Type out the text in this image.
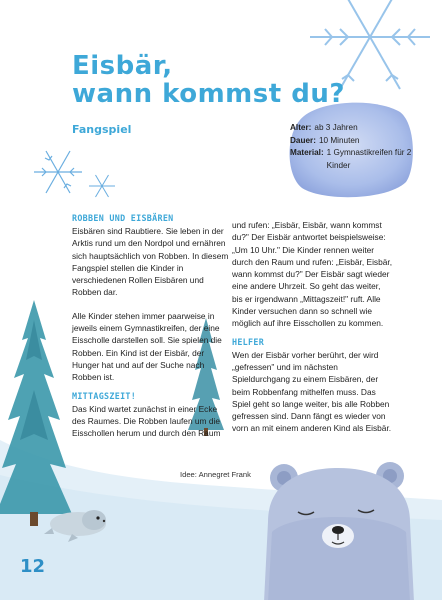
Eisbär,
wann kommst du?
Fangspiel	Alter: ab 3 Jahren
Dauer: 10 Minuten
Material: 1 Gymnastikreifen für 2 Kinder
ROBBEN UND EISBÄREN

Eisbären sind Raubtiere. Sie leben in der Arktis rund um den Nordpol und ernähren sich hauptsächlich von Robben. In diesem Fangspiel stellen die Kinder in verschiedenen Rollen Eisbären und Robben dar.

Alle Kinder stehen immer paarweise in jeweils einem Gymnastikreifen, der eine Eisscholle darstellen soll. Sie spielen die Robben. Ein Kind ist der Eisbär, der Hunger hat und auf der Suche nach Robben ist.

MITTAGSZEIT!

Das Kind wartet zunächst in einer Ecke des Raumes. Die Robben laufen um die Eisschollen herum und durch den Raum

und rufen: „Eisbär, Eisbär, wann kommst du?" Der Eisbär antwortet beispielsweise: „Um 10 Uhr." Die Kinder rennen weiter durch den Raum und rufen: „Eisbär, Eisbär, wann kommst du?" Der Eisbär sagt wieder eine andere Uhrzeit. So geht das weiter, bis er irgendwann „Mittagszeit!" ruft. Alle Kinder versuchen dann so schnell wie möglich auf ihre Eisschollen zu kommen.

HELFER

Wen der Eisbär vorher berührt, der wird „gefressen" und im nächsten Spieldurchgang zu einem Eisbären, der beim Robbenfang mithelfen muss. Das Spiel geht so lange weiter, bis alle Robben gefressen sind. Dann fängt es wieder von vorn an mit einem anderen Kind als Eisbär.

Idee: Annegret Frank
12
